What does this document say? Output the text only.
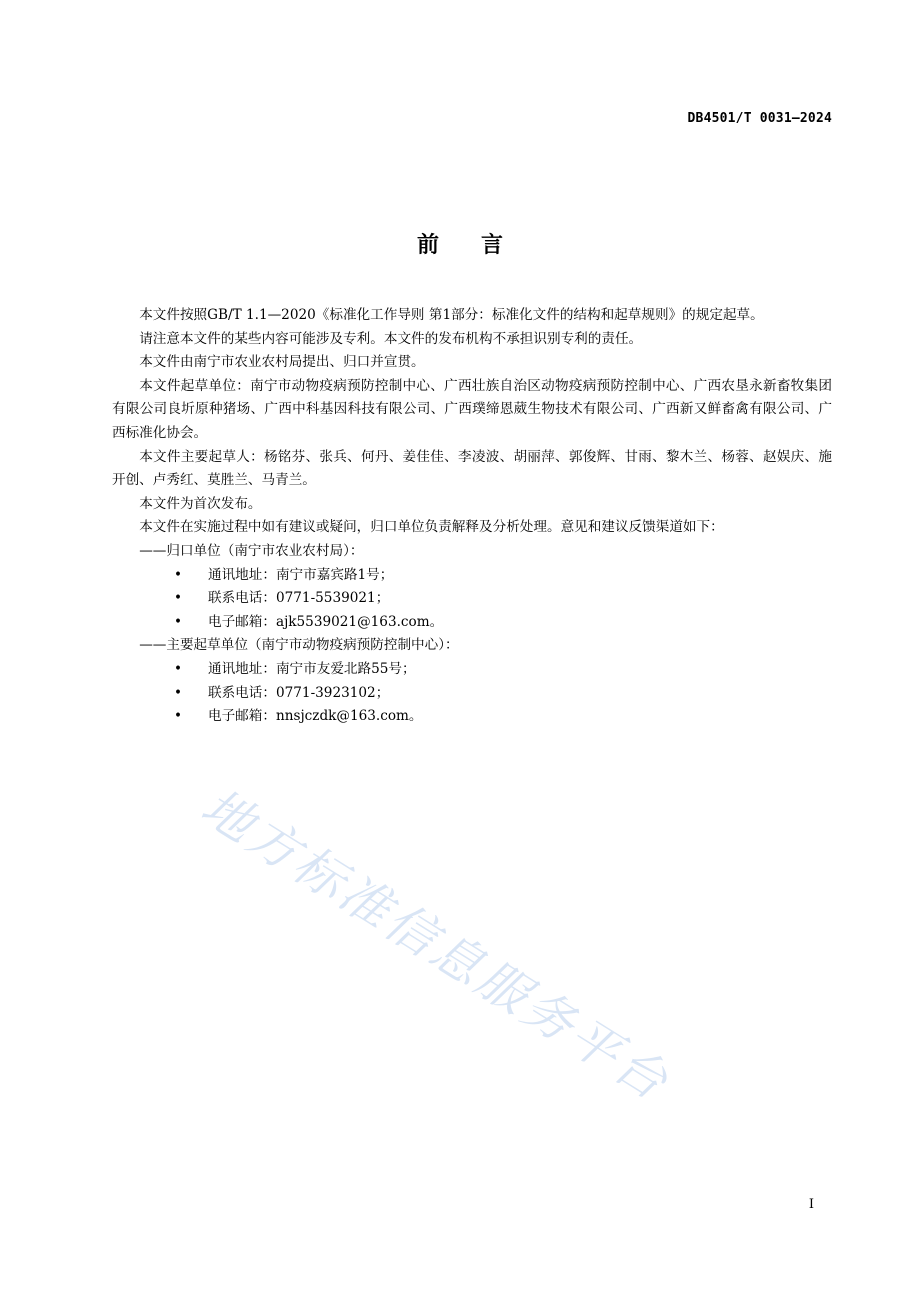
DB4501/T 0031—2024
前言

本文件按照GB/T 1.1—2020《标准化工作导则 第1部分：标准化文件的结构和起草规则》的规定起草。

请注意本文件的某些内容可能涉及专利。本文件的发布机构不承担识别专利的责任。

本文件由南宁市农业农村局提出、归口并宣贯。

本文件起草单位：南宁市动物疫病预防控制中心、广西壮族自治区动物疫病预防控制中心、广西农垦永新畜牧集团有限公司良圻原种猪场、广西中科基因科技有限公司、广西璞缔恩葳生物技术有限公司、广西新又鲜畜禽有限公司、广西标准化协会。

本文件主要起草人：杨铭芬、张兵、何丹、姜佳佳、李凌波、胡丽萍、郭俊辉、甘雨、黎木兰、杨蓉、赵娱庆、施开创、卢秀红、莫胜兰、马青兰。

本文件为首次发布。

本文件在实施过程中如有建议或疑问，归口单位负责解释及分析处理。意见和建议反馈渠道如下：

——归口单位（南宁市农业农村局）：

• 通讯地址：南宁市嘉宾路1号；
• 联系电话：0771-5539021；
• 电子邮箱：ajk5539021@163.com。

——主要起草单位（南宁市动物疫病预防控制中心）：

• 通讯地址：南宁市友爱北路55号；
• 联系电话：0771-3923102；
• 电子邮箱：nnsjczdk@163.com。
地方标准信息服务平台
I
